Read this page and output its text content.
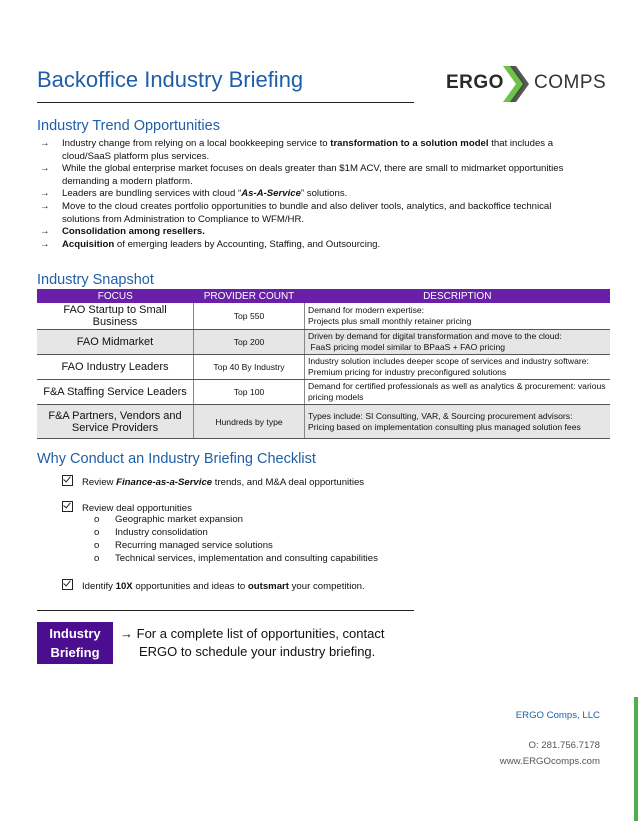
Backoffice Industry Briefing	ERGO COMPS
Industry Trend Opportunities
→ Industry change from relying on a local bookkeeping service to transformation to a solution model that includes a cloud/SaaS platform plus services.
→ While the global enterprise market focuses on deals greater than $1M ACV, there are small to midmarket opportunities demanding a modern platform.
→ Leaders are bundling services with cloud “As-A-Service” solutions.
→ Move to the cloud creates portfolio opportunities to bundle and also deliver tools, analytics, and backoffice technical solutions from Administration to Compliance to WFM/HR.
→ Consolidation among resellers.
→ Acquisition of emerging leaders by Accounting, Staffing, and Outsourcing.
Industry Snapshot
FOCUS	PROVIDER COUNT	DESCRIPTION
FAO Startup to Small Business	Top 550	Demand for modern expertise:
Projects plus small monthly retainer pricing

FAO Midmarket	Top 200	Driven by demand for digital transformation and move to the cloud:
FaaS pricing model similar to BPaaS + FAO pricing

FAO Industry Leaders	Top 40 By Industry	Industry solution includes deeper scope of services and industry software:
Premium pricing for industry preconfigured solutions

F&A Staffing Service Leaders	Top 100	Demand for certified professionals as well as analytics & procurement: various
pricing models

F&A Partners, Vendors and Service Providers	Hundreds by type	Types include: SI Consulting, VAR, & Sourcing procurement advisors:
Pricing based on implementation consulting plus managed solution fees
Why Conduct an Industry Briefing Checklist
Review Finance-as-a-Service trends, and M&A deal opportunities
Review deal opportunities
o Geographic market expansion
o Industry consolidation
o Recurring managed service solutions
o Technical services, implementation and consulting capabilities
Identify 10X opportunities and ideas to outsmart your competition.
Industry
Briefing
→ For a complete list of opportunities, contact
ERGO to schedule your industry briefing.
ERGO Comps, LLC
O: 281.756.7178
www.ERGOcomps.com
